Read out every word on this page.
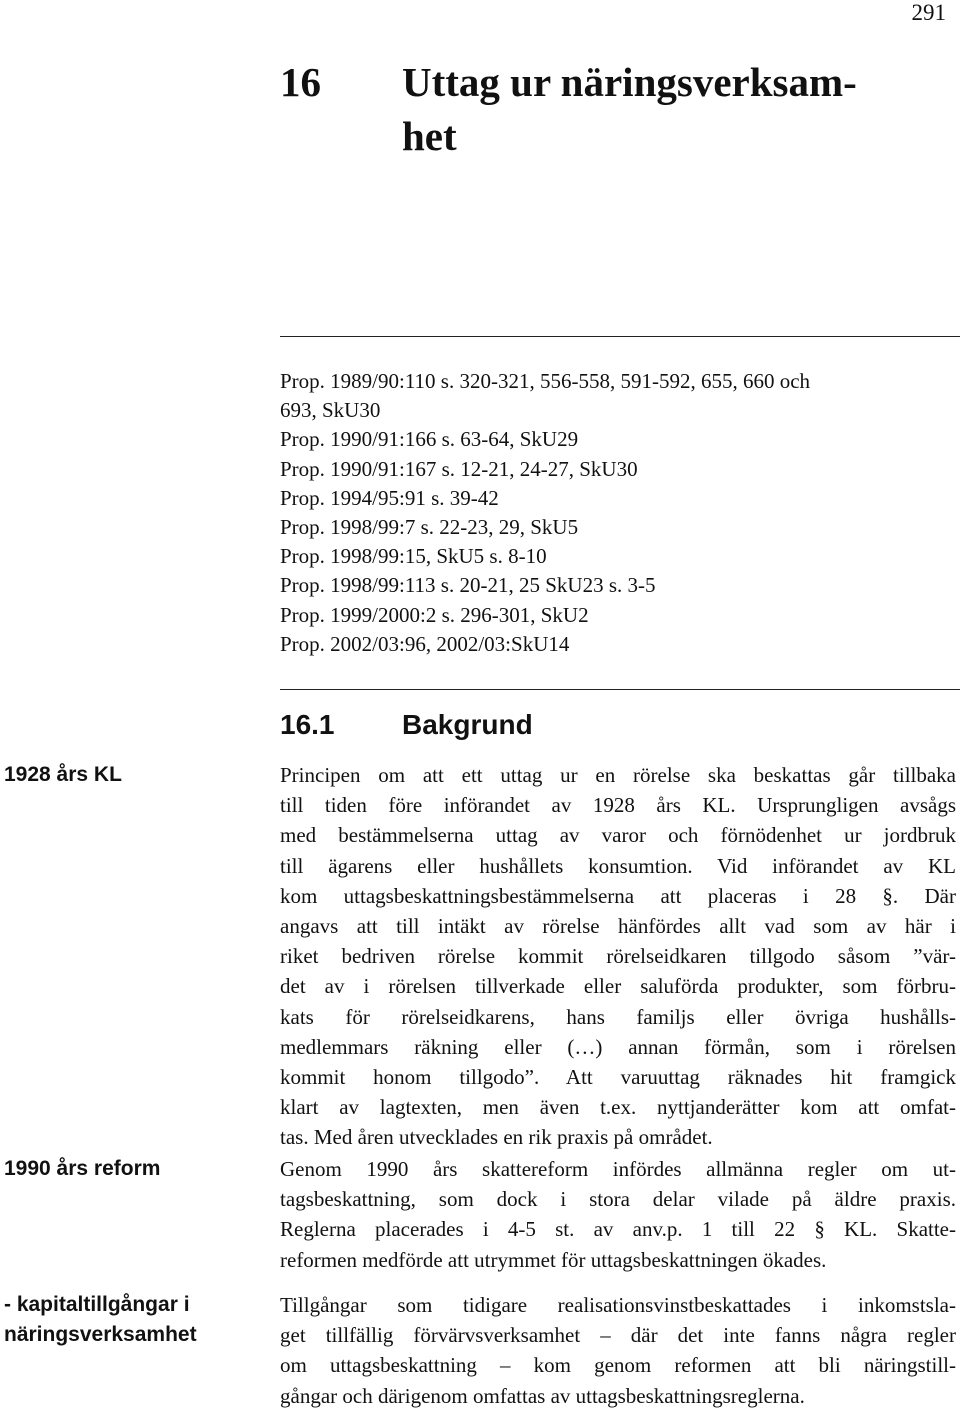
291
16	Uttag ur näringsverksam-
het
Prop. 1989/90:110 s. 320-321, 556-558, 591-592, 655, 660 och
693, SkU30
Prop. 1990/91:166 s. 63-64, SkU29
Prop. 1990/91:167 s. 12-21, 24-27, SkU30
Prop. 1994/95:91 s. 39-42
Prop. 1998/99:7 s. 22-23, 29, SkU5
Prop. 1998/99:15, SkU5 s. 8-10
Prop. 1998/99:113 s. 20-21, 25 SkU23 s. 3-5
Prop. 1999/2000:2 s. 296-301, SkU2
Prop. 2002/03:96, 2002/03:SkU14
16.1	Bakgrund
1928 års KL	Principen om att ett uttag ur en rörelse ska beskattas går tillbaka
till tiden före införandet av 1928 års KL. Ursprungligen avsågs
med bestämmelserna uttag av varor och förnödenhet ur jordbruk
till ägarens eller hushållets konsumtion. Vid införandet av KL
kom uttagsbeskattningsbestämmelserna att placeras i 28 §. Där
angavs att till intäkt av rörelse hänfördes allt vad som av här i
riket bedriven rörelse kommit rörelseidkaren tillgodo såsom ”vär-
det av i rörelsen tillverkade eller saluförda produkter, som förbru-
kats för rörelseidkarens, hans familjs eller övriga hushålls-
medlemmars räkning eller (…) annan förmån, som i rörelsen
kommit honom tillgodo”. Att varuuttag räknades hit framgick
klart av lagtexten, men även t.ex. nyttjanderätter kom att omfat-
tas. Med åren utvecklades en rik praxis på området.
1990 års reform	Genom 1990 års skattereform infördes allmänna regler om ut-
tagsbeskattning, som dock i stora delar vilade på äldre praxis.
Reglerna placerades i 4-5 st. av anv.p. 1 till 22 § KL. Skatte-
reformen medförde att utrymmet för uttagsbeskattningen ökades.
- kapitaltillgångar i
näringsverksamhet
Tillgångar som tidigare realisationsvinstbeskattades i inkomstsla-
get tillfällig förvärvsverksamhet – där det inte fanns några regler
om uttagsbeskattning – kom genom reformen att bli näringstill-
gångar och därigenom omfattas av uttagsbeskattningsreglerna.
